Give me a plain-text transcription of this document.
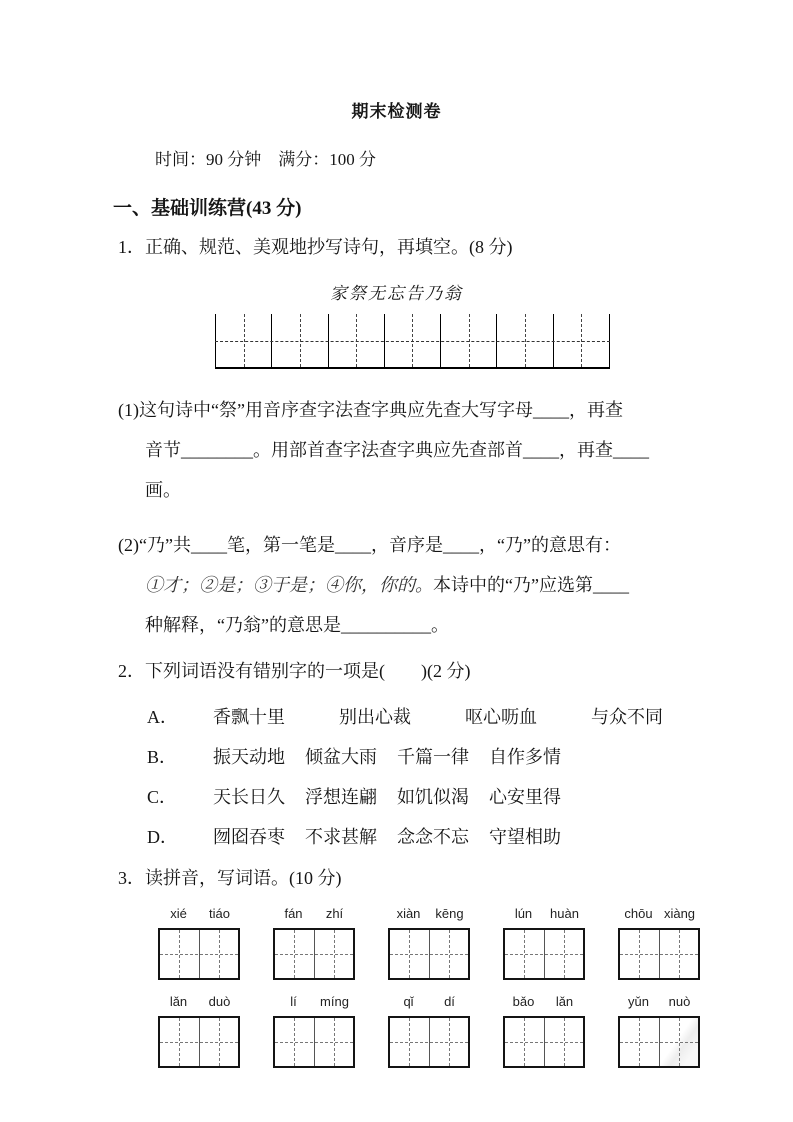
期末检测卷
时间：90 分钟　满分：100 分
一、基础训练营(43 分)
1．正确、规范、美观地抄写诗句，再填空。(8 分)
家祭无忘告乃翁
(1)这句诗中“祭”用音序查字法查字典应先查大写字母____，再查
音节________。用部首查字法查字典应先查部首____，再查____
画。
(2)“乃”共____笔，第一笔是____，音序是____，“乃”的意思有：
①才；②是；③于是；④你，你的。本诗中的“乃”应选第____
种解释，“乃翁”的意思是__________。
2．下列词语没有错别字的一项是(　　)(2 分)
A．	香飘十里	别出心裁	呕心呖血	与众不同
B．	振天动地 倾盆大雨 千篇一律 自作多情
C．	天长日久 浮想连翩 如饥似渴 心安里得
D．	囫囵吞枣 不求甚解 念念不忘 守望相助
3．读拼音，写词语。(10 分)
xié	tiáo	fán	zhí	xiàn	kēng	lún	huàn	chōu xiàng
lǎn	duò	lí	míng	qǐ	dí	bǎo	lǎn	yǔn	nuò
